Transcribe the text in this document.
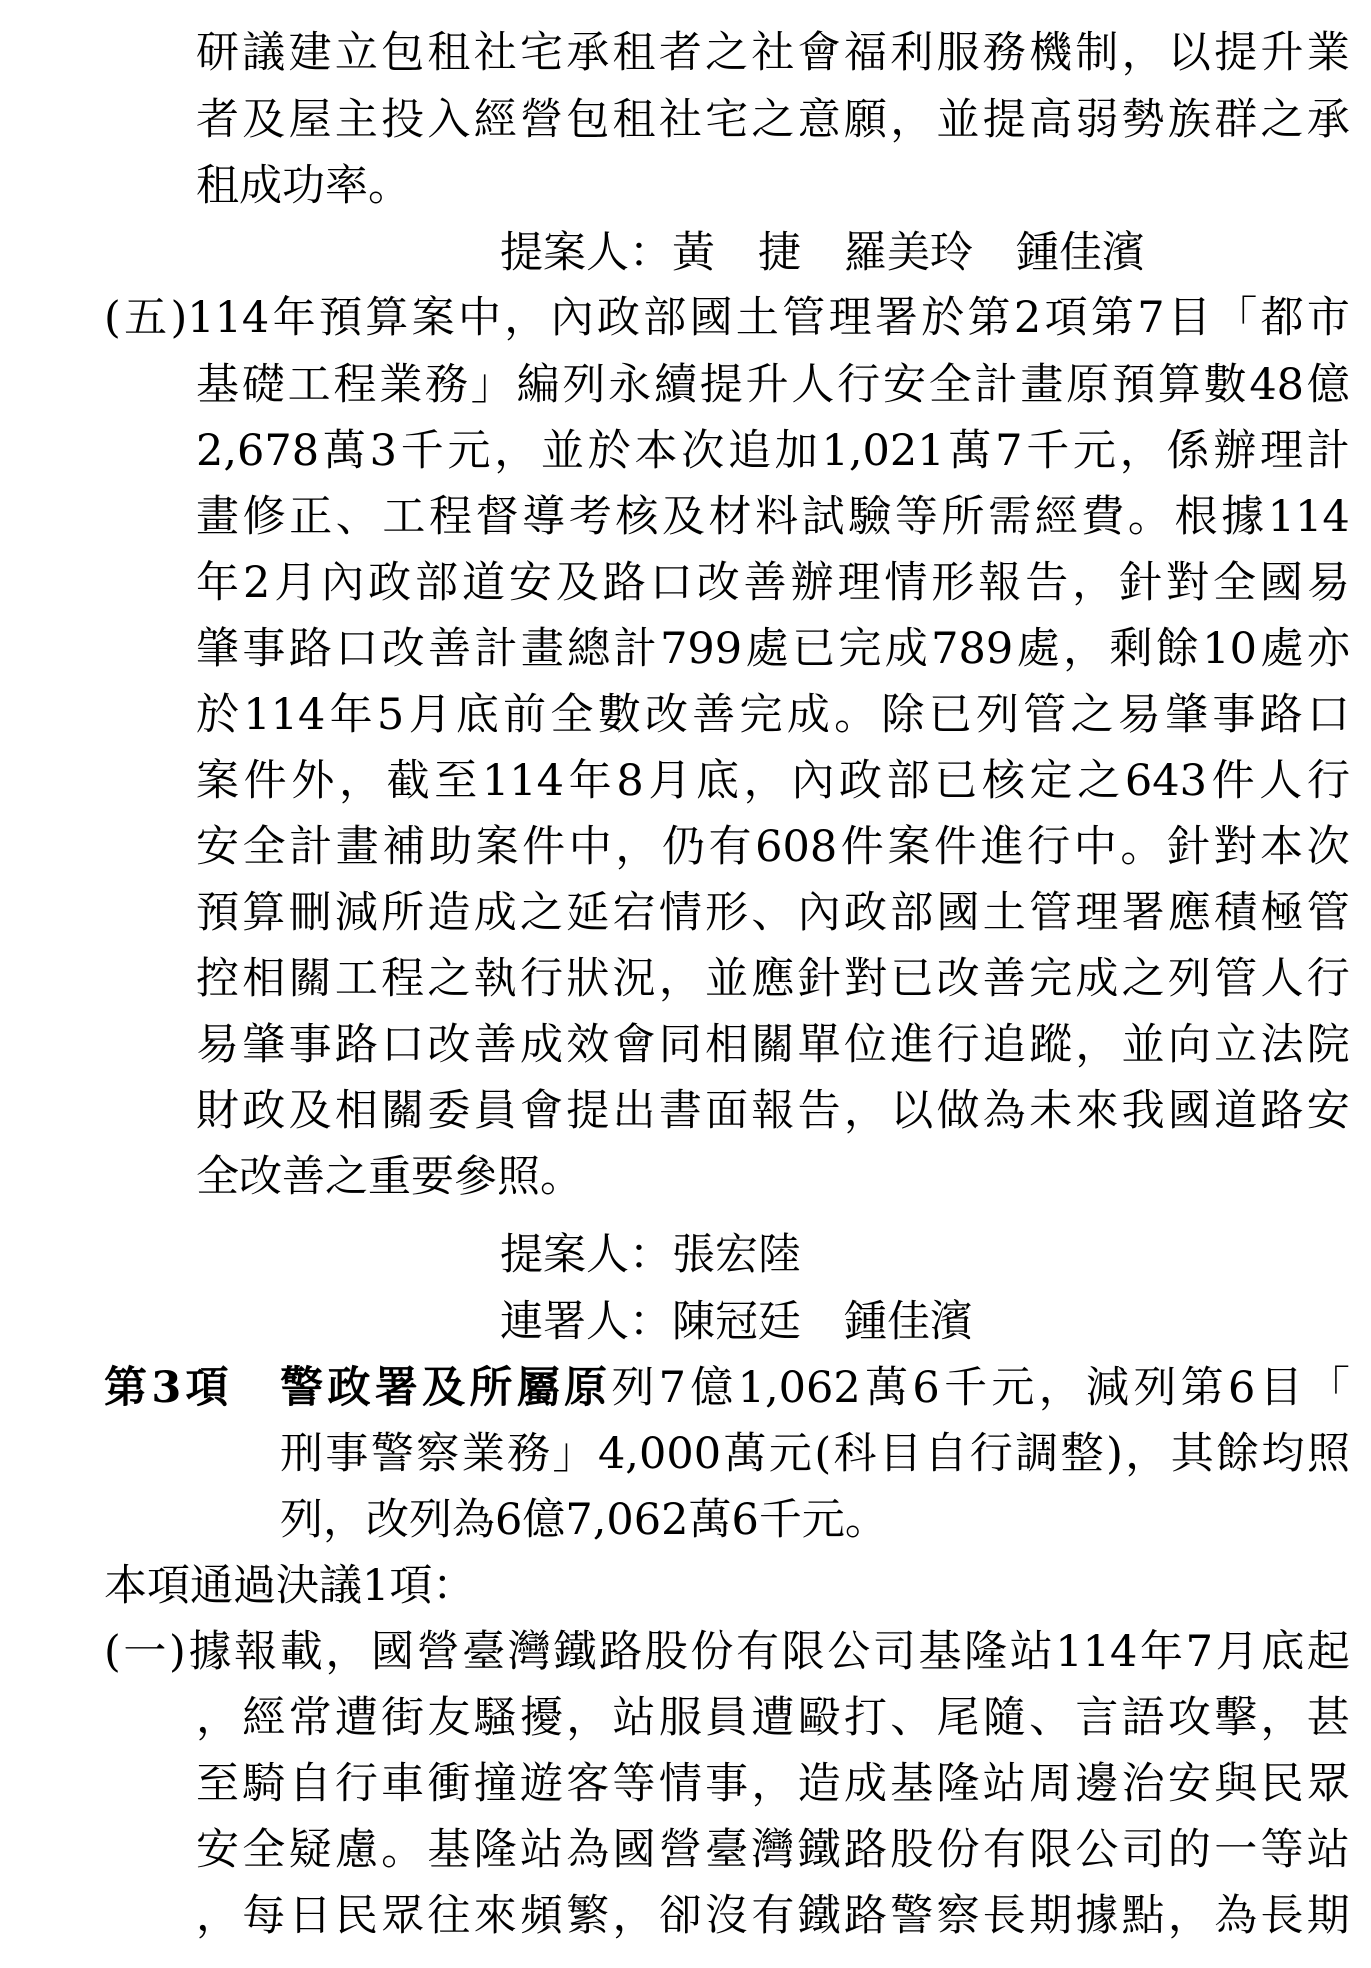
研 議 建 立 包 租 社 宅 承 租 者 之 社 會 福 利 服 務 機 制 ， 以 提 升 業
者 及 屋 主 投 入 經 營 包 租 社 宅 之 意 願 ， 並 提 高 弱 勢 族 群 之 承
租成功率。
提案人：黃　捷　羅美玲　鍾佳濱
( 五 )114 年 預 算 案 中 ， 內 政 部 國 土 管 理 署 於 第 2 項 第 7 目 「 都 市
基 礎 工 程 業 務 」 編 列 永 續 提 升 人 行 安 全 計 畫 原 預 算 數 48 億
2,678 萬 3 千 元 ， 並 於 本 次 追 加 1,021 萬 7 千 元 ， 係 辦 理 計
畫 修 正 、 工 程 督 導 考 核 及 材 料 試 驗 等 所 需 經 費 。 根 據 114
年 2 月 內 政 部 道 安 及 路 口 改 善 辦 理 情 形 報 告 ， 針 對 全 國 易
肇 事 路 口 改 善 計 畫 總 計 799 處 已 完 成 789 處 ， 剩 餘 10 處 亦
於 114 年 5 月 底 前 全 數 改 善 完 成 。 除 已 列 管 之 易 肇 事 路 口
案 件 外 ， 截 至 114 年 8 月 底 ， 內 政 部 已 核 定 之 643 件 人 行
安 全 計 畫 補 助 案 件 中 ， 仍 有 608 件 案 件 進 行 中 。 針 對 本 次
預 算 刪 減 所 造 成 之 延 宕 情 形 、 內 政 部 國 土 管 理 署 應 積 極 管
控 相 關 工 程 之 執 行 狀 況 ， 並 應 針 對 已 改 善 完 成 之 列 管 人 行
易 肇 事 路 口 改 善 成 效 會 同 相 關 單 位 進 行 追 蹤 ， 並 向 立 法 院
財 政 及 相 關 委 員 會 提 出 書 面 報 告 ， 以 做 為 未 來 我 國 道 路 安
全改善之重要參照。
提案人：張宏陸
連署人：陳冠廷　鍾佳濱
第 3 項
　 警 政 署 及 所 屬 原 列 7 億 1,062 萬 6 千 元 ， 減 列 第 6 目 「
刑 事 警 察 業 務 」 4,000 萬 元 ( 科 目 自 行 調 整 ) ， 其 餘 均 照
列，改列為6億7,062萬6千元。
本項通過決議1項：
( 一 ) 據 報 載 ， 國 營 臺 灣 鐵 路 股 份 有 限 公 司 基 隆 站 114 年 7 月 底 起
， 經 常 遭 街 友 騷 擾 ， 站 服 員 遭 毆 打 、 尾 隨 、 言 語 攻 擊 ， 甚
至 騎 自 行 車 衝 撞 遊 客 等 情 事 ， 造 成 基 隆 站 周 邊 治 安 與 民 眾
安 全 疑 慮 。 基 隆 站 為 國 營 臺 灣 鐵 路 股 份 有 限 公 司 的 一 等 站
， 每 日 民 眾 往 來 頻 繁 ， 卻 沒 有 鐵 路 警 察 長 期 據 點 ， 為 長 期
